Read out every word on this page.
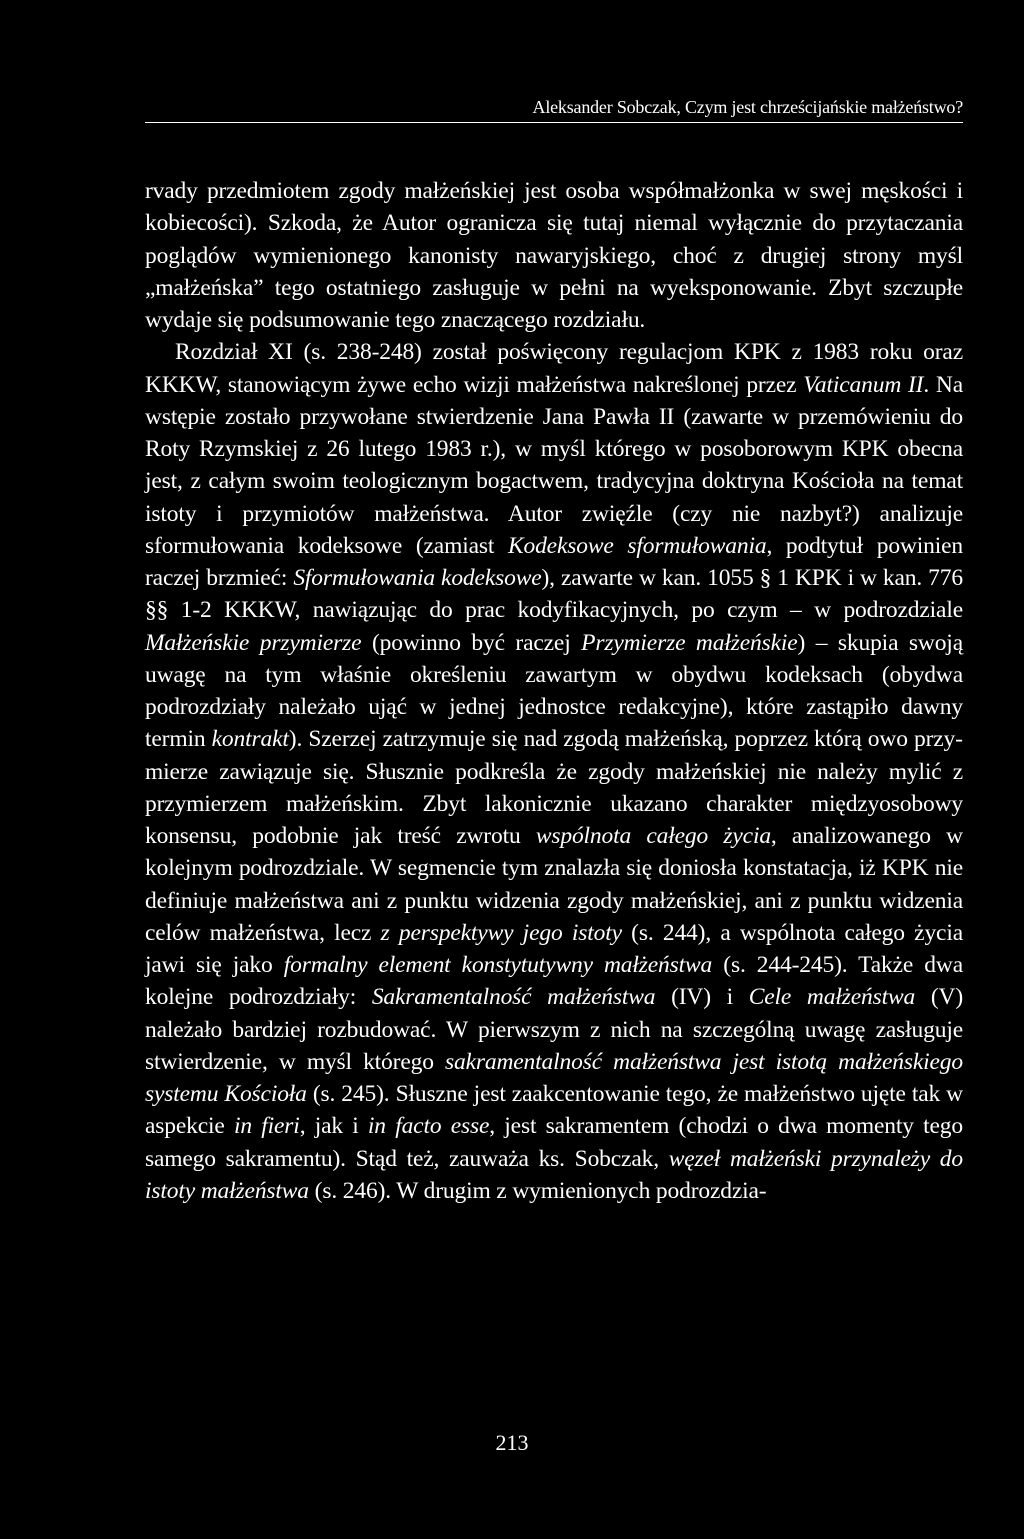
Aleksander Sobczak, Czym jest chrześcijańskie małżeństwo?

rvady przedmiotem zgody małżeńskiej jest osoba współmałżonka w swej męskości i kobiecości). Szkoda, że Autor ogranicza się tutaj niemal wyłącznie do przytaczania poglądów wymienionego kanonisty nawaryjskiego, choć z drugiej strony myśl „małżeńska” tego ostatniego zasługuje w pełni na wyeksponowanie. Zbyt szczupłe wydaje się podsumowanie tego znaczącego rozdziału.

Rozdział XI (s. 238-248) został poświęcony regulacjom KPK z 1983 roku oraz KKKW, stanowiącym żywe echo wizji małżeństwa nakreślonej przez Vaticanum II. Na wstępie zostało przywołane stwierdzenie Jana Pawła II (zawarte w przemówieniu do Roty Rzymskiej z 26 lutego 1983 r.), w myśl którego w posoborowym KPK obecna jest, z całym swoim teologicznym bogactwem, tradycyjna doktryna Kościoła na temat istoty i przymiotów małżeństwa. Autor zwięźle (czy nie nazbyt?) analizuje sformułowania kodeksowe (zamiast Kodeksowe sformułowania, podtytuł powinien raczej brzmieć: Sformułowania kodeksowe), zawarte w kan. 1055 § 1 KPK i w kan. 776 §§ 1-2 KKKW, nawiązując do prac kodyfikacyjnych, po czym – w podrozdziale Małżeńskie przymierze (powinno być raczej Przymierze małżeńskie) – skupia swoją uwagę na tym właśnie określeniu zawartym w obydwu kodeksach (obydwa podrozdziały należało ująć w jednej jednostce redakcyjne), które zastąpiło dawny termin kontrakt). Szerzej zatrzymuje się nad zgodą małżeńską, poprzez którą owo przymierze zawiązuje się. Słusznie podkreśla że zgody małżeńskiej nie należy mylić z przymierzem małżeńskim. Zbyt lakonicznie ukazano charakter międzyosobowy konsensu, podobnie jak treść zwrotu wspólnota całego życia, analizowanego w kolejnym podrozdziale. W segmencie tym znalazła się doniosła konstatacja, iż KPK nie definiuje małżeństwa ani z punktu widzenia zgody małżeńskiej, ani z punktu widzenia celów małżeństwa, lecz z perspektywy jego istoty (s. 244), a wspólnota całego życia jawi się jako formalny element konstytutywny małżeństwa (s. 244-245). Także dwa kolejne podrozdziały: Sakramentalność małżeństwa (IV) i Cele małżeństwa (V) należało bardziej rozbudować. W pierwszym z nich na szczególną uwagę zasługuje stwierdzenie, w myśl którego sakramentalność małżeństwa jest istotą małżeńskiego systemu Kościoła (s. 245). Słuszne jest zaakcentowanie tego, że małżeństwo ujęte tak w aspekcie in fieri, jak i in facto esse, jest sakramentem (chodzi o dwa momenty tego samego sakramentu). Stąd też, zauważa ks. Sobczak, węzeł małżeński przynależy do istoty małżeństwa (s. 246). W drugim z wymienionych podrozdzia-

213
